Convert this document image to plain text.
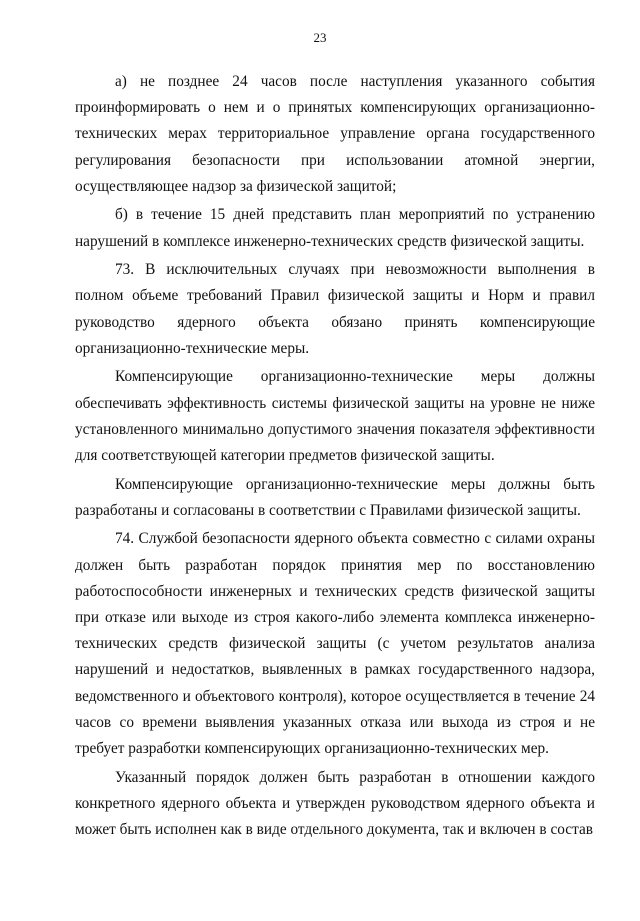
23

а) не позднее 24 часов после наступления указанного события проинформировать о нем и о принятых компенсирующих организационно-технических мерах территориальное управление органа государственного регулирования безопасности при использовании атомной энергии, осуществляющее надзор за физической защитой;

б) в течение 15 дней представить план мероприятий по устранению нарушений в комплексе инженерно-технических средств физической защиты.

73. В исключительных случаях при невозможности выполнения в полном объеме требований Правил физической защиты и Норм и правил руководство ядерного объекта обязано принять компенсирующие организационно-технические меры.

Компенсирующие организационно-технические меры должны обеспечивать эффективность системы физической защиты на уровне не ниже установленного минимально допустимого значения показателя эффективности для соответствующей категории предметов физической защиты.

Компенсирующие организационно-технические меры должны быть разработаны и согласованы в соответствии с Правилами физической защиты.

74. Службой безопасности ядерного объекта совместно с силами охраны должен быть разработан порядок принятия мер по восстановлению работоспособности инженерных и технических средств физической защиты при отказе или выходе из строя какого-либо элемента комплекса инженерно-технических средств физической защиты (с учетом результатов анализа нарушений и недостатков, выявленных в рамках государственного надзора, ведомственного и объектового контроля), которое осуществляется в течение 24 часов со времени выявления указанных отказа или выхода из строя и не требует разработки компенсирующих организационно-технических мер.

Указанный порядок должен быть разработан в отношении каждого конкретного ядерного объекта и утвержден руководством ядерного объекта и может быть исполнен как в виде отдельного документа, так и включен в состав
